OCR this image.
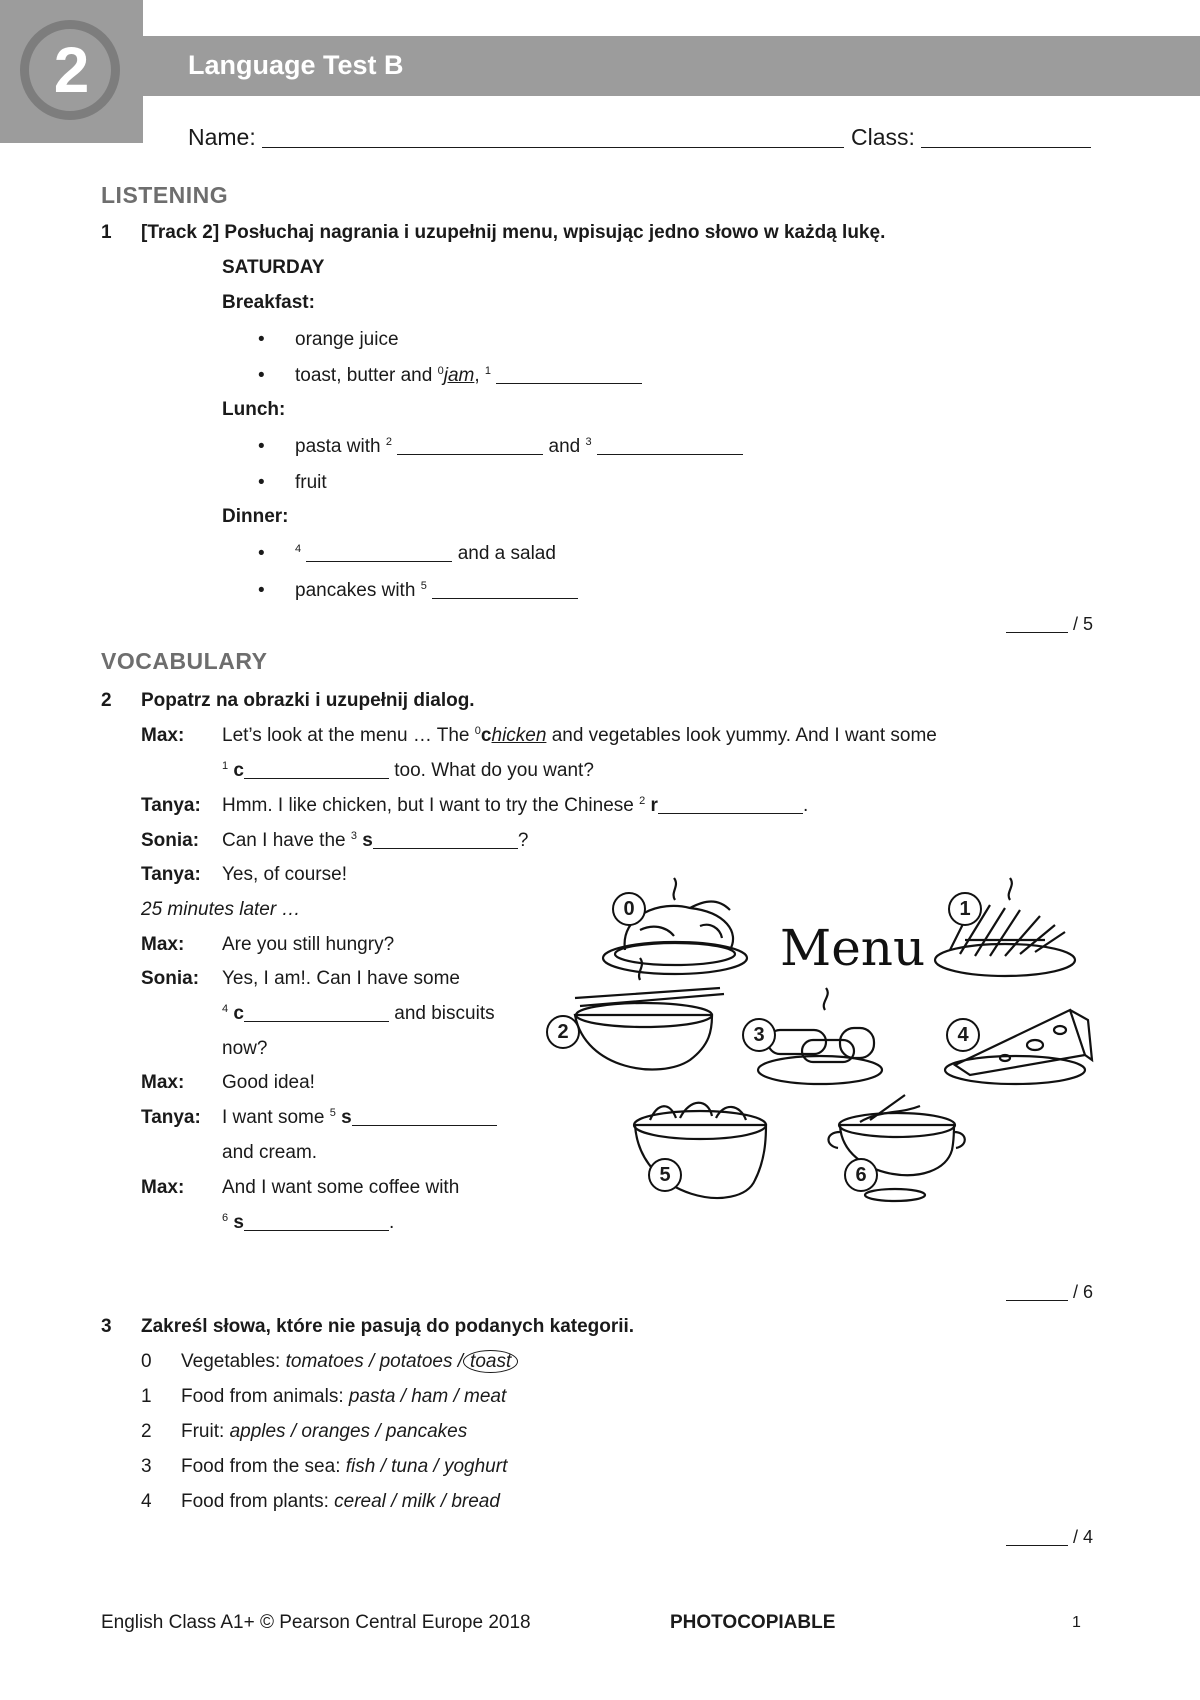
2	Language Test B
Name:	Class:
LISTENING
1 [Track 2] Posłuchaj nagrania i uzupełnij menu, wpisując jedno słowo w każdą lukę.
SATURDAY
Breakfast:
• orange juice
• toast, butter and $^0$jam, $^1$
Lunch:
• pasta with $^2$	and $^3$
• fruit
Dinner:
•	$^4$	and a salad
• pancakes with $^5$
/ 5
VOCABULARY
2 Popatrz na obrazki i uzupełnij dialog.
Max: Let’s look at the menu … The $^0$chicken and vegetables look yummy. And I want some
$^1$ c	too. What do you want?
Tanya: Hmm. I like chicken, but I want to try the Chinese $^2$ r	.
Sonia: Can I have the $^3$ s	?
Tanya: Yes, of course!
25 minutes later …
Max: Are you still hungry?
Sonia: Yes, I am!. Can I have some
$^4$ c	and biscuits
now?
Max: Good idea!
Tanya: I want some $^5$ s
and cream.
Max: And I want some coffee with
$^6$ s	.
Menu
0	1
2	3	4
5	6
/ 6
3 Zakreśl słowa, które nie pasują do podanych kategorii.
0 Vegetables: tomatoes / potatoes / toast
1 Food from animals: pasta / ham / meat
2 Fruit: apples / oranges / pancakes
3 Food from the sea: fish / tuna / yoghurt
4 Food from plants: cereal / milk / bread
/ 4
English Class A1+ © Pearson Central Europe 2018	PHOTOCOPIABLE	1
